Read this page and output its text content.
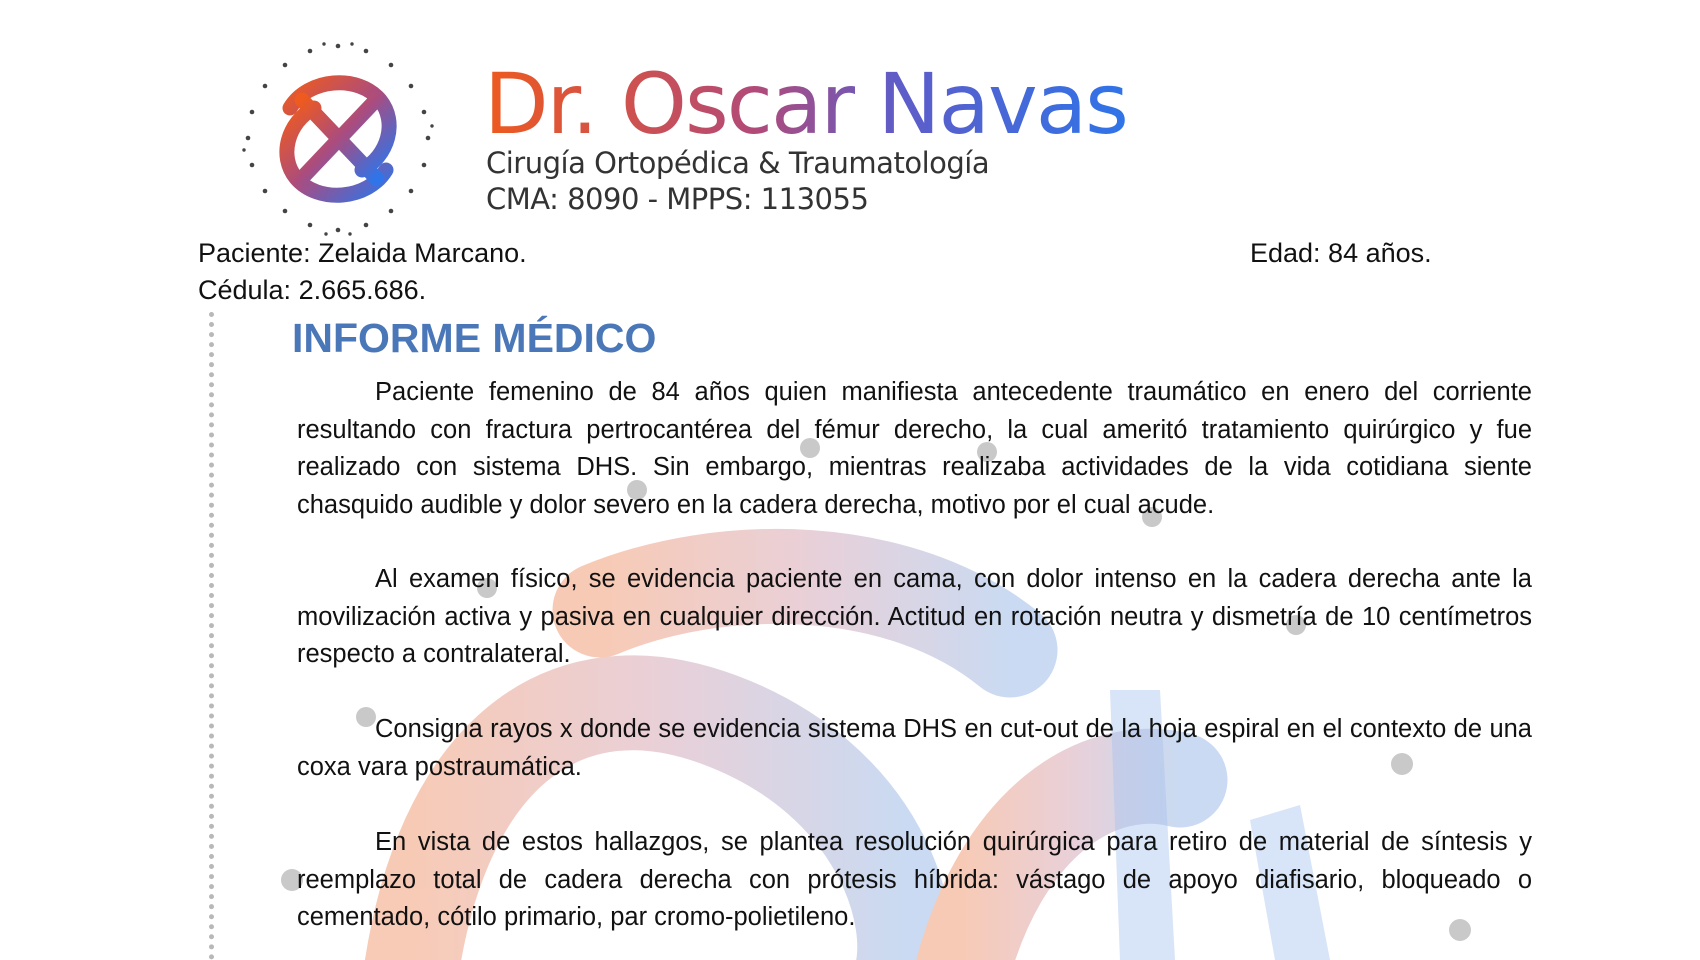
Dr. Oscar Navas
Cirugía Ortopédica & Traumatología
CMA: 8090 - MPPS: 113055
Paciente: Zelaida Marcano.
Cédula: 2.665.686.
Edad: 84 años.
INFORME MÉDICO

Paciente femenino de 84 años quien manifiesta antecedente traumático en enero del corriente resultando con fractura pertrocantérea del fémur derecho, la cual ameritó tratamiento quirúrgico y fue realizado con sistema DHS. Sin embargo, mientras realizaba actividades de la vida cotidiana siente chasquido audible y dolor severo en la cadera derecha, motivo por el cual acude.

Al examen físico, se evidencia paciente en cama, con dolor intenso en la cadera derecha ante la movilización activa y pasiva en cualquier dirección. Actitud en rotación neutra y dismetría de 10 centímetros respecto a contralateral.

Consigna rayos x donde se evidencia sistema DHS en cut-out de la hoja espiral en el contexto de una coxa vara postraumática.

En vista de estos hallazgos, se plantea resolución quirúrgica para retiro de material de síntesis y reemplazo total de cadera derecha con prótesis híbrida: vástago de apoyo diafisario, bloqueado o cementado, cótilo primario, par cromo-polietileno.
